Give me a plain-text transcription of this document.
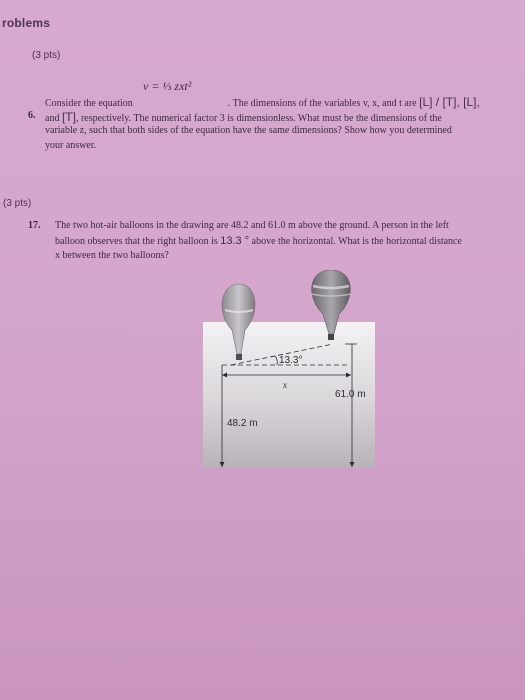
roblems
(3 pts)
v = ⅓ zxt²
Consider the equation	. The dimensions of the variables v, x, and t are [L] / [T], [L],
6. and [T], respectively. The numerical factor 3 is dimensionless. What must be the dimensions of the
variable z, such that both sides of the equation have the same dimensions? Show how you determined
your answer.
(3 pts)
17. The two hot-air balloons in the drawing are 48.2 and 61.0 m above the ground. A person in the left
balloon observes that the right balloon is 13.3 ° above the horizontal. What is the horizontal distance
x between the two balloons?
13.3°
x
48.2 m
61.0 m
